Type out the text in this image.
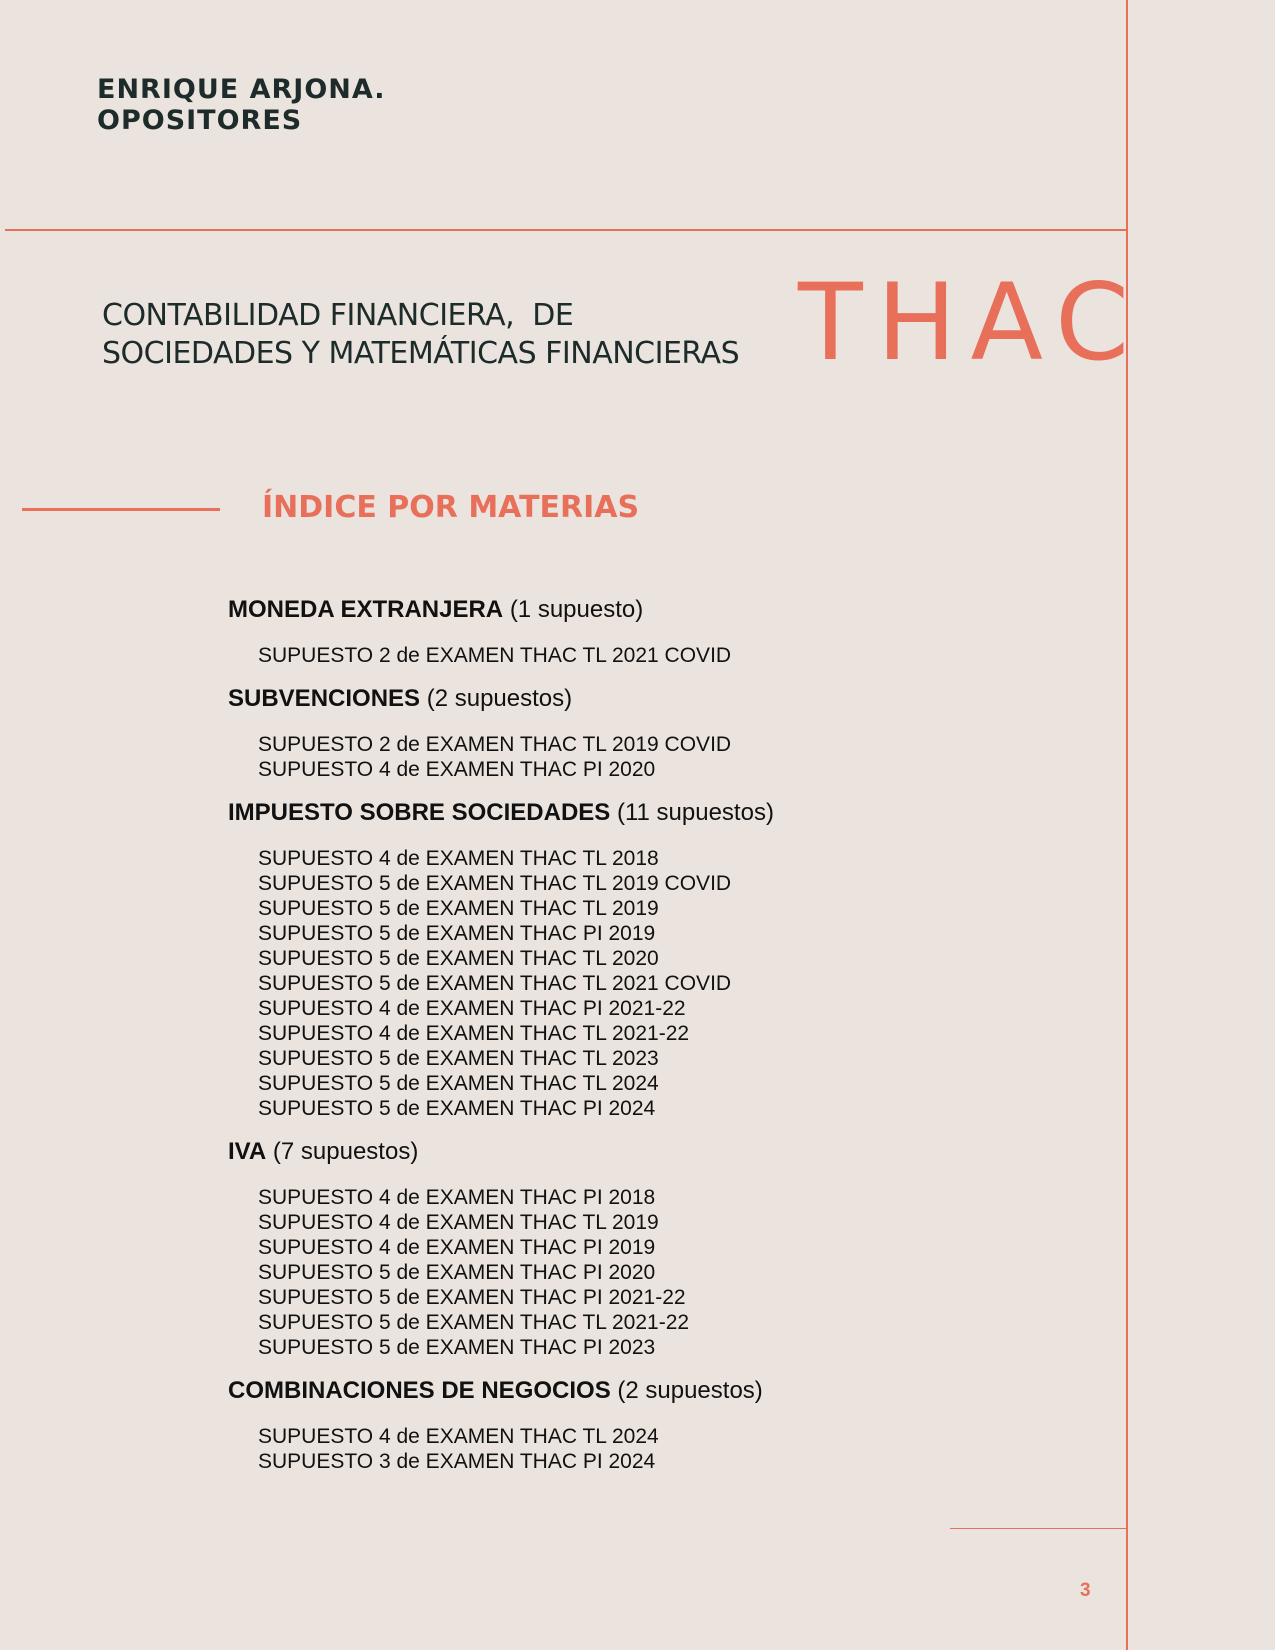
ENRIQUE ARJONA.
OPOSITORES
CONTABILIDAD FINANCIERA,  DE
SOCIEDADES Y MATEMÁTICAS FINANCIERAS THAC
ÍNDICE POR MATERIAS
MONEDA EXTRANJERA (1 supuesto)
SUPUESTO 2 de EXAMEN THAC TL 2021 COVID
SUBVENCIONES (2 supuestos)
SUPUESTO 2 de EXAMEN THAC TL 2019 COVID
SUPUESTO 4 de EXAMEN THAC PI 2020
IMPUESTO SOBRE SOCIEDADES (11 supuestos)
SUPUESTO 4 de EXAMEN THAC TL 2018
SUPUESTO 5 de EXAMEN THAC TL 2019 COVID
SUPUESTO 5 de EXAMEN THAC TL 2019
SUPUESTO 5 de EXAMEN THAC PI 2019
SUPUESTO 5 de EXAMEN THAC TL 2020
SUPUESTO 5 de EXAMEN THAC TL 2021 COVID
SUPUESTO 4 de EXAMEN THAC PI 2021-22
SUPUESTO 4 de EXAMEN THAC TL 2021-22
SUPUESTO 5 de EXAMEN THAC TL 2023
SUPUESTO 5 de EXAMEN THAC TL 2024
SUPUESTO 5 de EXAMEN THAC PI 2024
IVA (7 supuestos)
SUPUESTO 4 de EXAMEN THAC PI 2018
SUPUESTO 4 de EXAMEN THAC TL 2019
SUPUESTO 4 de EXAMEN THAC PI 2019
SUPUESTO 5 de EXAMEN THAC PI 2020
SUPUESTO 5 de EXAMEN THAC PI 2021-22
SUPUESTO 5 de EXAMEN THAC TL 2021-22
SUPUESTO 5 de EXAMEN THAC PI 2023
COMBINACIONES DE NEGOCIOS (2 supuestos)
SUPUESTO 4 de EXAMEN THAC TL 2024
SUPUESTO 3 de EXAMEN THAC PI 2024
3
